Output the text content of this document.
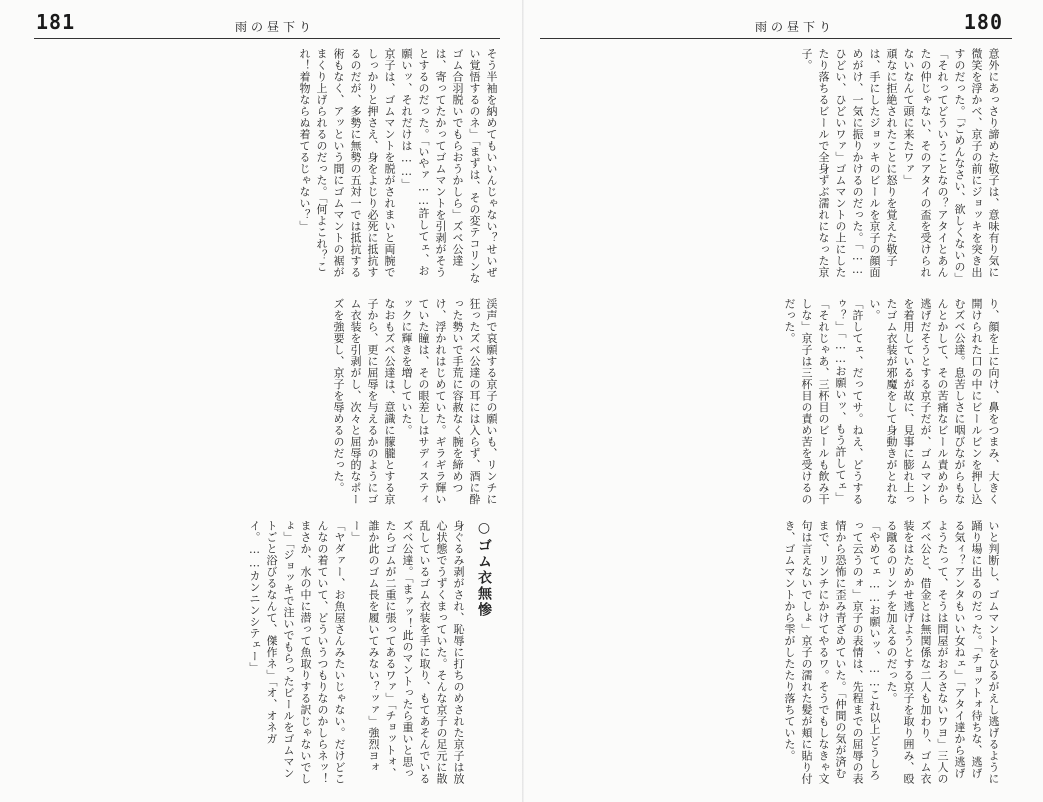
181	180
雨の昼下り	雨の昼下り

意外にあっさり諦めた敬子は、意味有り気に微笑を浮かべ、京子の前にジョッキを突き出すのだった。「ごめんなさい、欲しくないの」「それってどういうことなの？アタイとあんたの仲じゃない、そのアタイの盃を受けられないなんて頭に来たワァ」

頑なに拒絶されたことに怒りを覚えた敬子は、手にしたジョッキのビールを京子の顔面めがけ、一気に振りかけるのだった。「……ひどい、ひどいワァ」ゴムマントの上にしたたり落ちるビールで全身ずぶ濡れになった京子。

り、顔を上に向け、鼻をつまみ、大きく開けられた口の中にビールビンを押し込むズベ公達。息苦しさに咽びながらもなんとかして、その苦痛なビール責めから逃げだそうとする京子だが、ゴムマントを着用しているが故に、見事に膨れ上ったゴム衣装が邪魔をして身動きがとれない。

「許してェ、だってサ。ねえ、どうするゥ？」「……お願いッ、もう許してェ」「それじゃあ、三杯目のビールも飲み干しな」京子は三杯目の責め苦を受けるのだった。

いと判断し、ゴムマントをひるがえし逃げるように踊り場に出るのだった。「チョットォ待ちな、逃げる気ィ？アンタもいい女ねェ」「アタイ達から逃げようたって、そうは問屋がおろさないワヨ」三人のズベ公と、借金とは無関係な二人も加わり、ゴム衣装をはためかせ逃げようとする京子を取り囲み、殴る蹴るのリンチを加えるのだった。

「やめてェ……お願いッ、……これ以上どうしろって云うのォ」京子の表情は、先程までの屈辱の表情から恐怖に歪み青ざめていた。「仲間の気が済むまで、リンチにかけてやるワ。そうでもしなきゃ文句は言えないでしょ」京子の濡れた髪が頬に貼り付き、ゴムマントから雫がしたたり落ちていた。

そう半袖を納めてもいいんじゃない？せいぜい覚悟するのネ」「まずは、その変テコリンなゴム合羽脱いでもらおうかしら」ズベ公達は、寄ってたかってゴムマントを引剥がそうとするのだった。「いやァ……許してェ、お願いッ、それだけは……」

京子は、ゴムマントを脱がされまいと両腕でしっかりと押さえ、身をよじり必死に抵抗するのだが、多勢に無勢の五対一では抵抗する術もなく、アッという間にゴムマントの裾がまくり上げられるのだった。「何よこれ？これ！着物ならぬ着てるじゃない？」

渓声で哀願する京子の願いも、リンチに狂ったズベ公達の耳には入らず、酒に酔った勢いで手荒に容赦なく腕を締めつけ、浮かれはじめていた。ギラギラ輝いていた瞳は、その眼差しはサディスティックに輝きを増していた。

なおもズベ公達は、意識に朦朧とする京子から、更に屈辱を与えるかのようにゴム衣装を引剥がし、次々と屈辱的なポーズを強要し、京子を辱めるのだった。

○ゴム衣無惨

身ぐるみ剥がされ、恥辱に打ちのめされた京子は放心状態でうずくまっていた。そんな京子の足元に散乱しているゴム衣装を手に取り、もてあそんでいるズベ公達。「まァッ！此のマントったら重いと思ったらゴムが二重に張ってあるワァ」「チョットォ、誰か此のゴム長を履いてみない？ッァ」強烈ヨォー」

「ヤダァー、お魚屋さんみたいじゃない。だけどこんなの着ていて、どういうつもりなのかしらネッ！まさか、水の中に潜って魚取りする訳じゃないでしょ」「ジョッキで注いでもらったビールをゴムマントごと浴びるなんて、傑作ネ」「オ、オネガイ。……カンニンシテェー」
